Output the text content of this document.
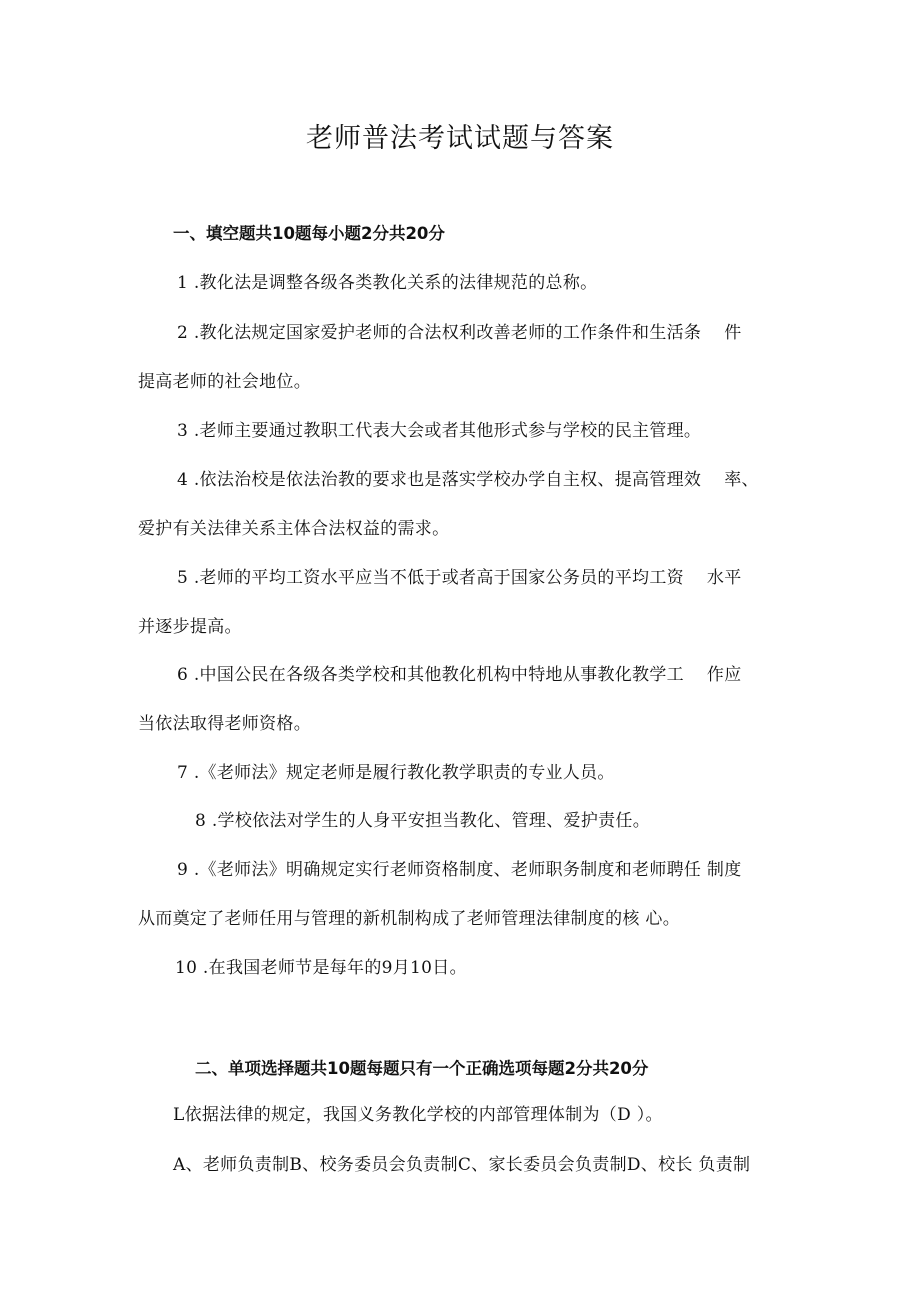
老师普法考试试题与答案
一、填空题共10题每小题2分共20分
1 .教化法是调整各级各类教化关系的法律规范的总称。
2 .教化法规定国家爱护老师的合法权利改善老师的工作条件和生活条　 件
提高老师的社会地位。
3 .老师主要通过教职工代表大会或者其他形式参与学校的民主管理。
4 .依法治校是依法治教的要求也是落实学校办学自主权、提高管理效　 率、
爱护有关法律关系主体合法权益的需求。
5 .老师的平均工资水平应当不低于或者高于国家公务员的平均工资　 水平
并逐步提高。
6 .中国公民在各级各类学校和其他教化机构中特地从事教化教学工　 作应
当依法取得老师资格。
7 .《老师法》规定老师是履行教化教学职责的专业人员。
8 .学校依法对学生的人身平安担当教化、管理、爱护责任。
9 .《老师法》明确规定实行老师资格制度、老师职务制度和老师聘任 制度
从而奠定了老师任用与管理的新机制构成了老师管理法律制度的核 心。
10 .在我国老师节是每年的9月10日。
二、单项选择题共10题每题只有一个正确选项每题2分共20分
L依据法律的规定，我国义务教化学校的内部管理体制为（D ）。
A、老师负责制B、校务委员会负责制C、家长委员会负责制D、校长 负责制
